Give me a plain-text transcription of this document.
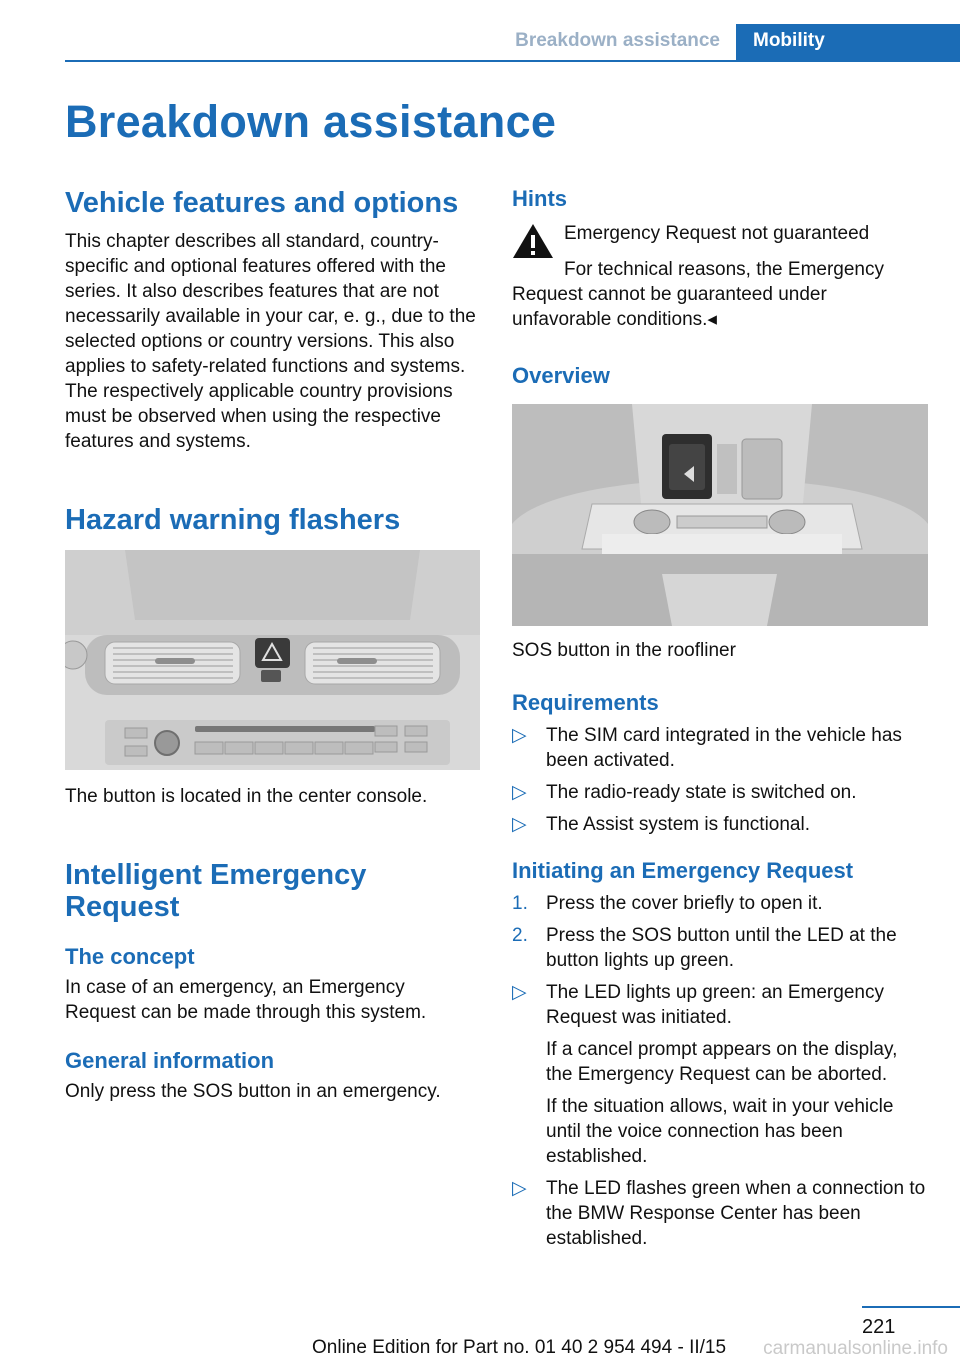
Breakdown assistance	Mobility
Breakdown assistance
Vehicle features and options

This chapter describes all standard, country-specific and optional features offered with the series. It also describes features that are not necessarily available in your car, e. g., due to the selected options or country versions. This also applies to safety-related functions and systems. The respectively applicable country provisions must be observed when using the respective features and systems.

Hazard warning flashers

The button is located in the center console.

Intelligent Emergency Request
The concept

In case of an emergency, an Emergency Request can be made through this system.

General information

Only press the SOS button in an emergency.

Hints

Emergency Request not guaranteed

For technical reasons, the Emergency Request cannot be guaranteed under unfavorable conditions.◂

Overview

SOS button in the roofliner

Requirements
▷ The SIM card integrated in the vehicle has been activated.
▷ The radio-ready state is switched on.
▷ The Assist system is functional.
Initiating an Emergency Request
1. Press the cover briefly to open it.
2. Press the SOS button until the LED at the button lights up green.
▷ The LED lights up green: an Emergency Request was initiated.
If a cancel prompt appears on the display, the Emergency Request can be aborted.
If the situation allows, wait in your vehicle until the voice connection has been established.
▷ The LED flashes green when a connection to the BMW Response Center has been established.
221
Online Edition for Part no. 01 40 2 954 494 - II/15 carmanualsonline.info
